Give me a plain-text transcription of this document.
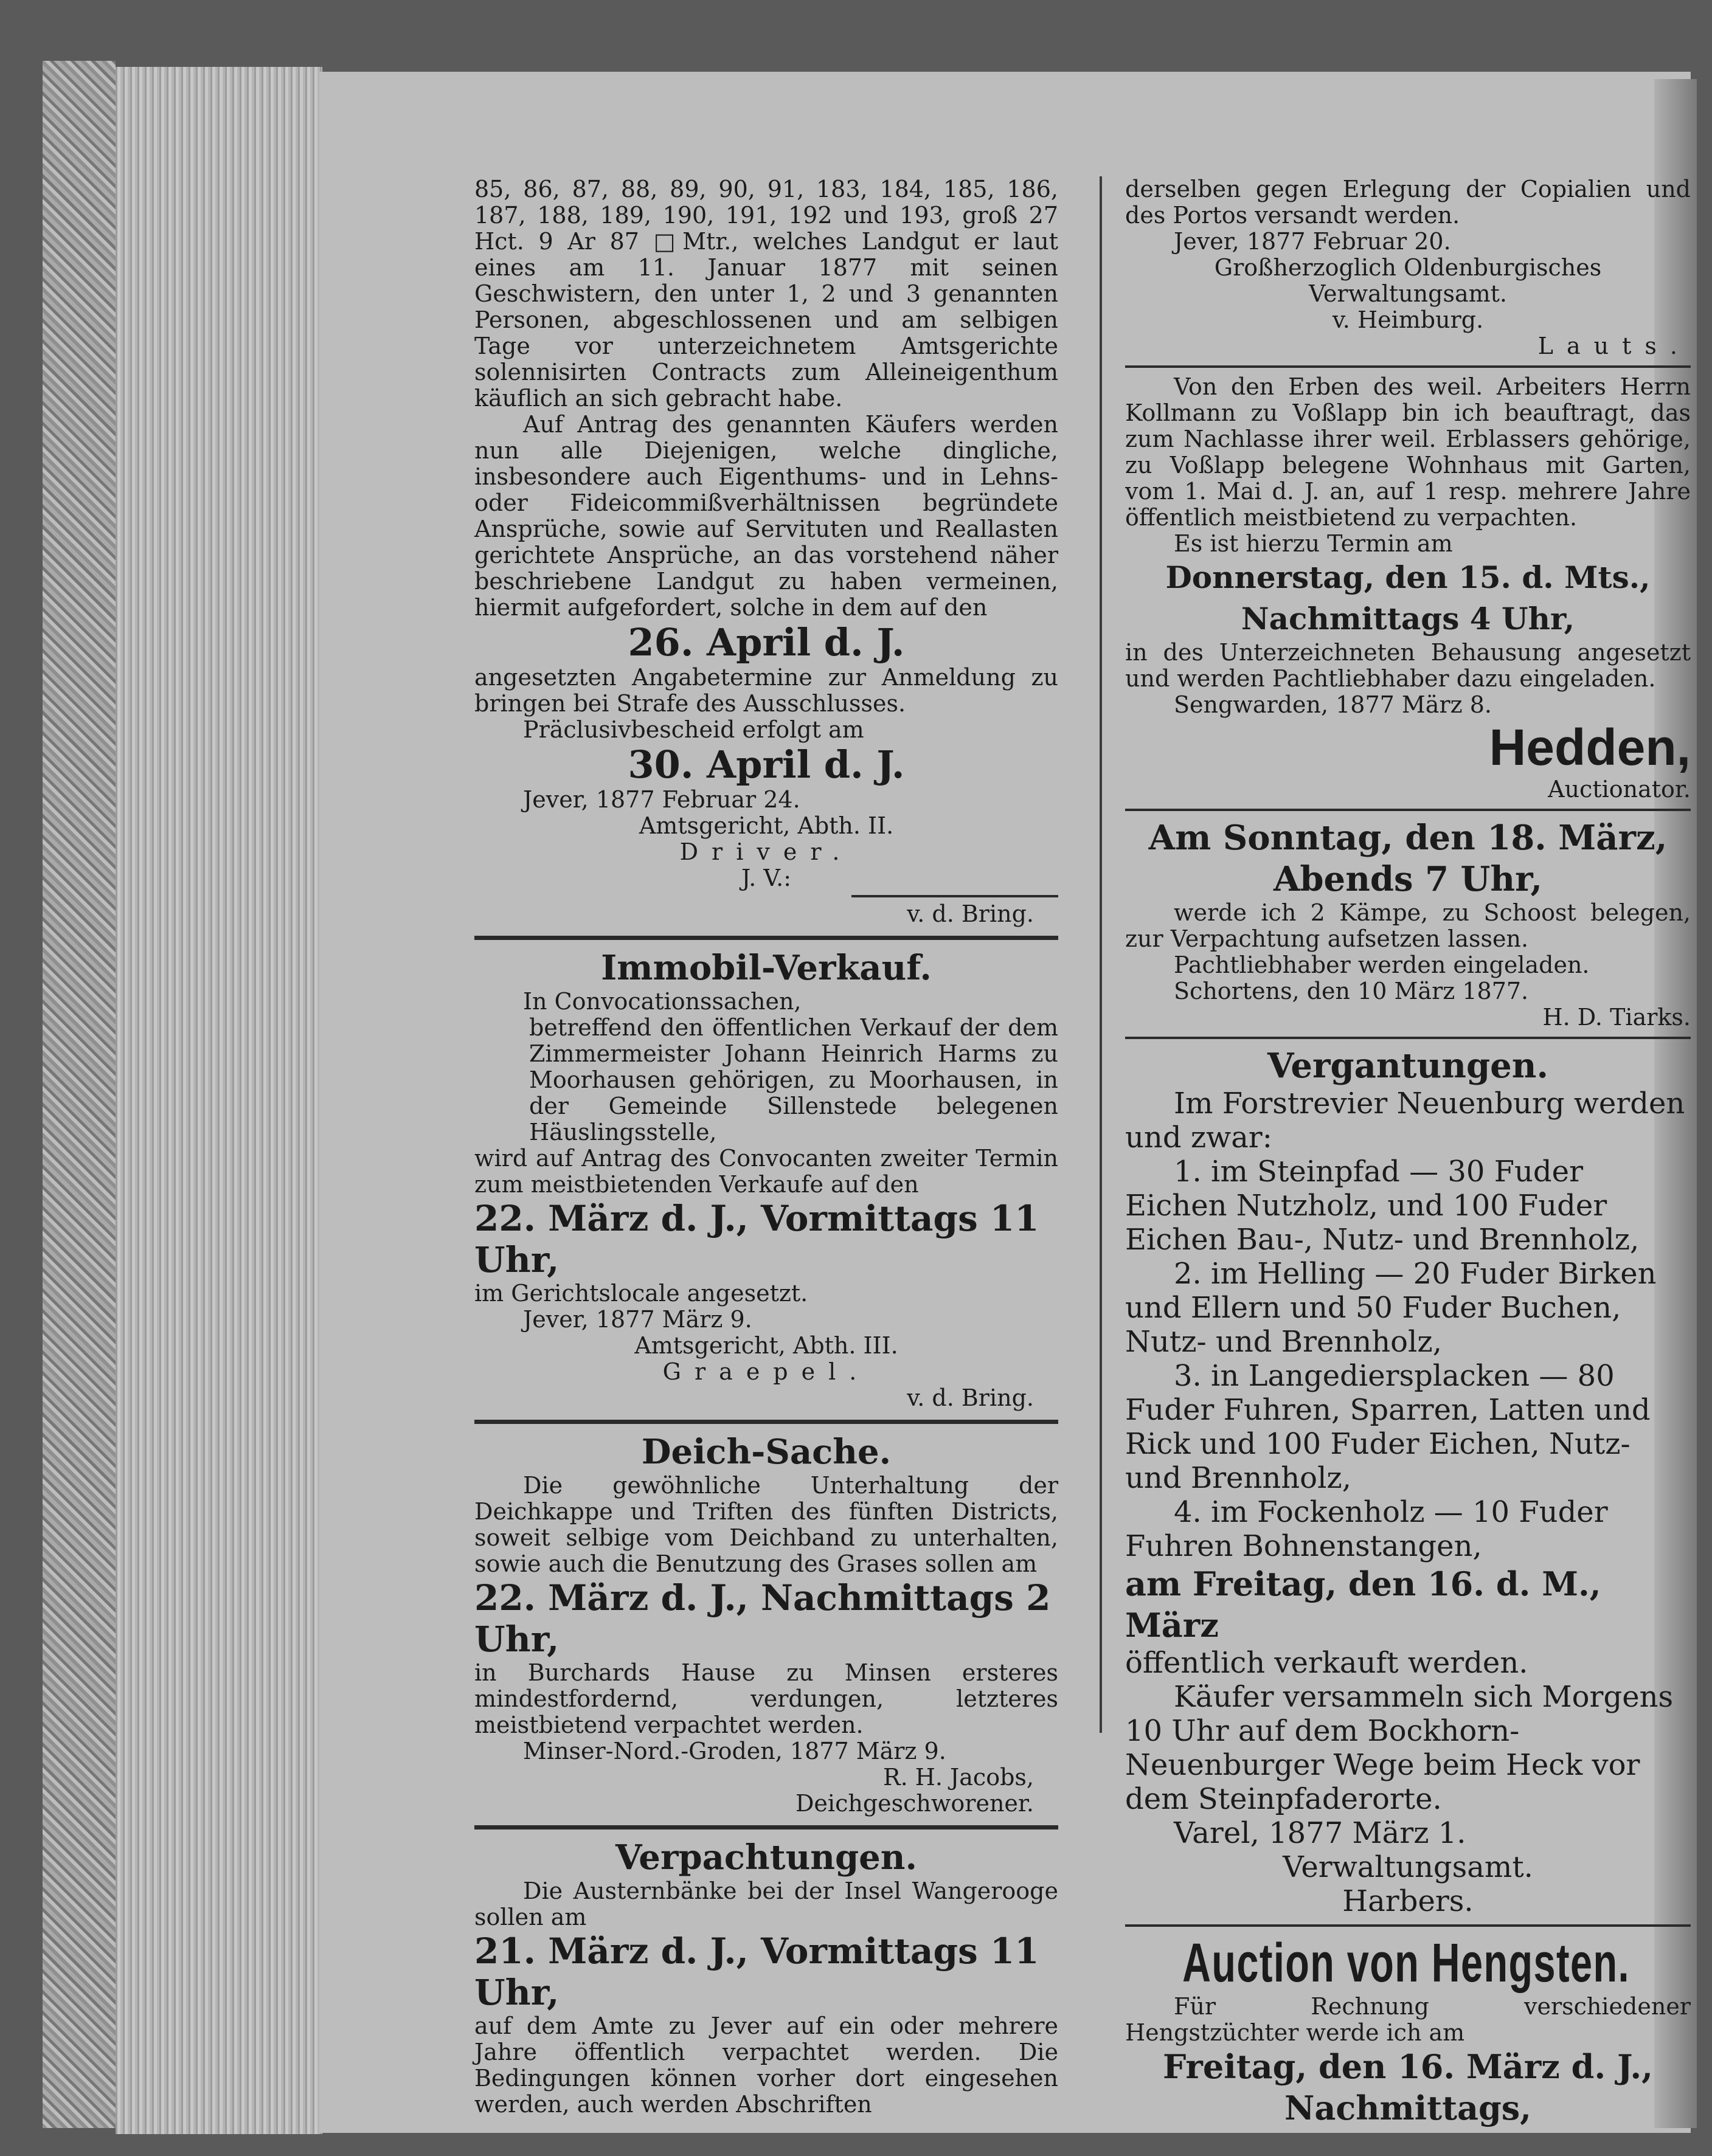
85, 86, 87, 88, 89, 90, 91, 183, 184, 185, 186, 187, 188, 189, 190, 191, 192 und 193, groß 27 Hct. 9 Ar 87 □Mtr., welches Landgut er laut eines am 11. Januar 1877 mit seinen Geschwistern, den unter 1, 2 und 3 genannten Personen, abgeschlossenen und am selbigen Tage vor unterzeichnetem Amtsgerichte solennisirten Contracts zum Alleineigenthum käuflich an sich gebracht habe.

Auf Antrag des genannten Käufers werden nun alle Diejenigen, welche dingliche, insbesondere auch Eigenthums- und in Lehns- oder Fideicommißverhältnissen begründete Ansprüche, sowie auf Servituten und Reallasten gerichtete Ansprüche, an das vorstehend näher beschriebene Landgut zu haben vermeinen, hiermit aufgefordert, solche in dem auf den

26. April d. J.

angesetzten Angabetermine zur Anmeldung zu bringen bei Strafe des Ausschlusses.

Präclusivbescheid erfolgt am

30. April d. J.

Jever, 1877 Februar 24.

Amtsgericht, Abth. II.

Driver.

J. V.:

v. d. Bring.

Immobil-Verkauf.

In Convocationssachen,

betreffend den öffentlichen Verkauf der dem Zimmermeister Johann Heinrich Harms zu Moorhausen gehörigen, zu Moorhausen, in der Gemeinde Sillenstede belegenen Häuslingsstelle,

wird auf Antrag des Convocanten zweiter Termin zum meistbietenden Verkaufe auf den

22. März d. J., Vormittags 11 Uhr,

im Gerichtslocale angesetzt.

Jever, 1877 März 9.

Amtsgericht, Abth. III.

Graepel.

v. d. Bring.

Deich-Sache.

Die gewöhnliche Unterhaltung der Deichkappe und Triften des fünften Districts, soweit selbige vom Deichband zu unterhalten, sowie auch die Benutzung des Grases sollen am

22. März d. J., Nachmittags 2 Uhr,

in Burchards Hause zu Minsen ersteres mindestfordernd, verdungen, letzteres meistbietend verpachtet werden.

Minser-Nord.-Groden, 1877 März 9.

R. H. Jacobs,

Deichgeschworener.

Verpachtungen.

Die Austernbänke bei der Insel Wangerooge sollen am

21. März d. J., Vormittags 11 Uhr,

auf dem Amte zu Jever auf ein oder mehrere Jahre öffentlich verpachtet werden. Die Bedingungen können vorher dort eingesehen werden, auch werden Abschriften

derselben gegen Erlegung der Copialien und des Portos versandt werden.

Jever, 1877 Februar 20.

Großherzoglich Oldenburgisches Verwaltungsamt.

v. Heimburg.

Lauts.

Von den Erben des weil. Arbeiters Herrn Kollmann zu Voßlapp bin ich beauftragt, das zum Nachlasse ihrer weil. Erblassers gehörige, zu Voßlapp belegene Wohnhaus mit Garten, vom 1. Mai d. J. an, auf 1 resp. mehrere Jahre öffentlich meistbietend zu verpachten.

Es ist hierzu Termin am

Donnerstag, den 15. d. Mts.,

Nachmittags 4 Uhr,

in des Unterzeichneten Behausung angesetzt und werden Pachtliebhaber dazu eingeladen.

Sengwarden, 1877 März 8.

Hedden,

Auctionator.

Am Sonntag, den 18. März,

Abends 7 Uhr,

werde ich 2 Kämpe, zu Schoost belegen, zur Verpachtung aufsetzen lassen.

Pachtliebhaber werden eingeladen.

Schortens, den 10 März 1877.

H. D. Tiarks.

Vergantungen.

Im Forstrevier Neuenburg werden und zwar:

1. im Steinpfad — 30 Fuder Eichen Nutzholz, und 100 Fuder Eichen Bau-, Nutz- und Brennholz,

2. im Helling — 20 Fuder Birken und Ellern und 50 Fuder Buchen, Nutz- und Brennholz,

3. in Langediersplacken — 80 Fuder Fuhren, Sparren, Latten und Rick und 100 Fuder Eichen, Nutz- und Brennholz,

4. im Fockenholz — 10 Fuder Fuhren Bohnenstangen,

am Freitag, den 16. d. M., März

öffentlich verkauft werden.

Käufer versammeln sich Morgens 10 Uhr auf dem Bockhorn-Neuenburger Wege beim Heck vor dem Steinpfaderorte.

Varel, 1877 März 1.

Verwaltungsamt.

Harbers.

Auction von Hengsten.

Für Rechnung verschiedener Hengstzüchter werde ich am

Freitag, den 16. März d. J.,

Nachmittags,
